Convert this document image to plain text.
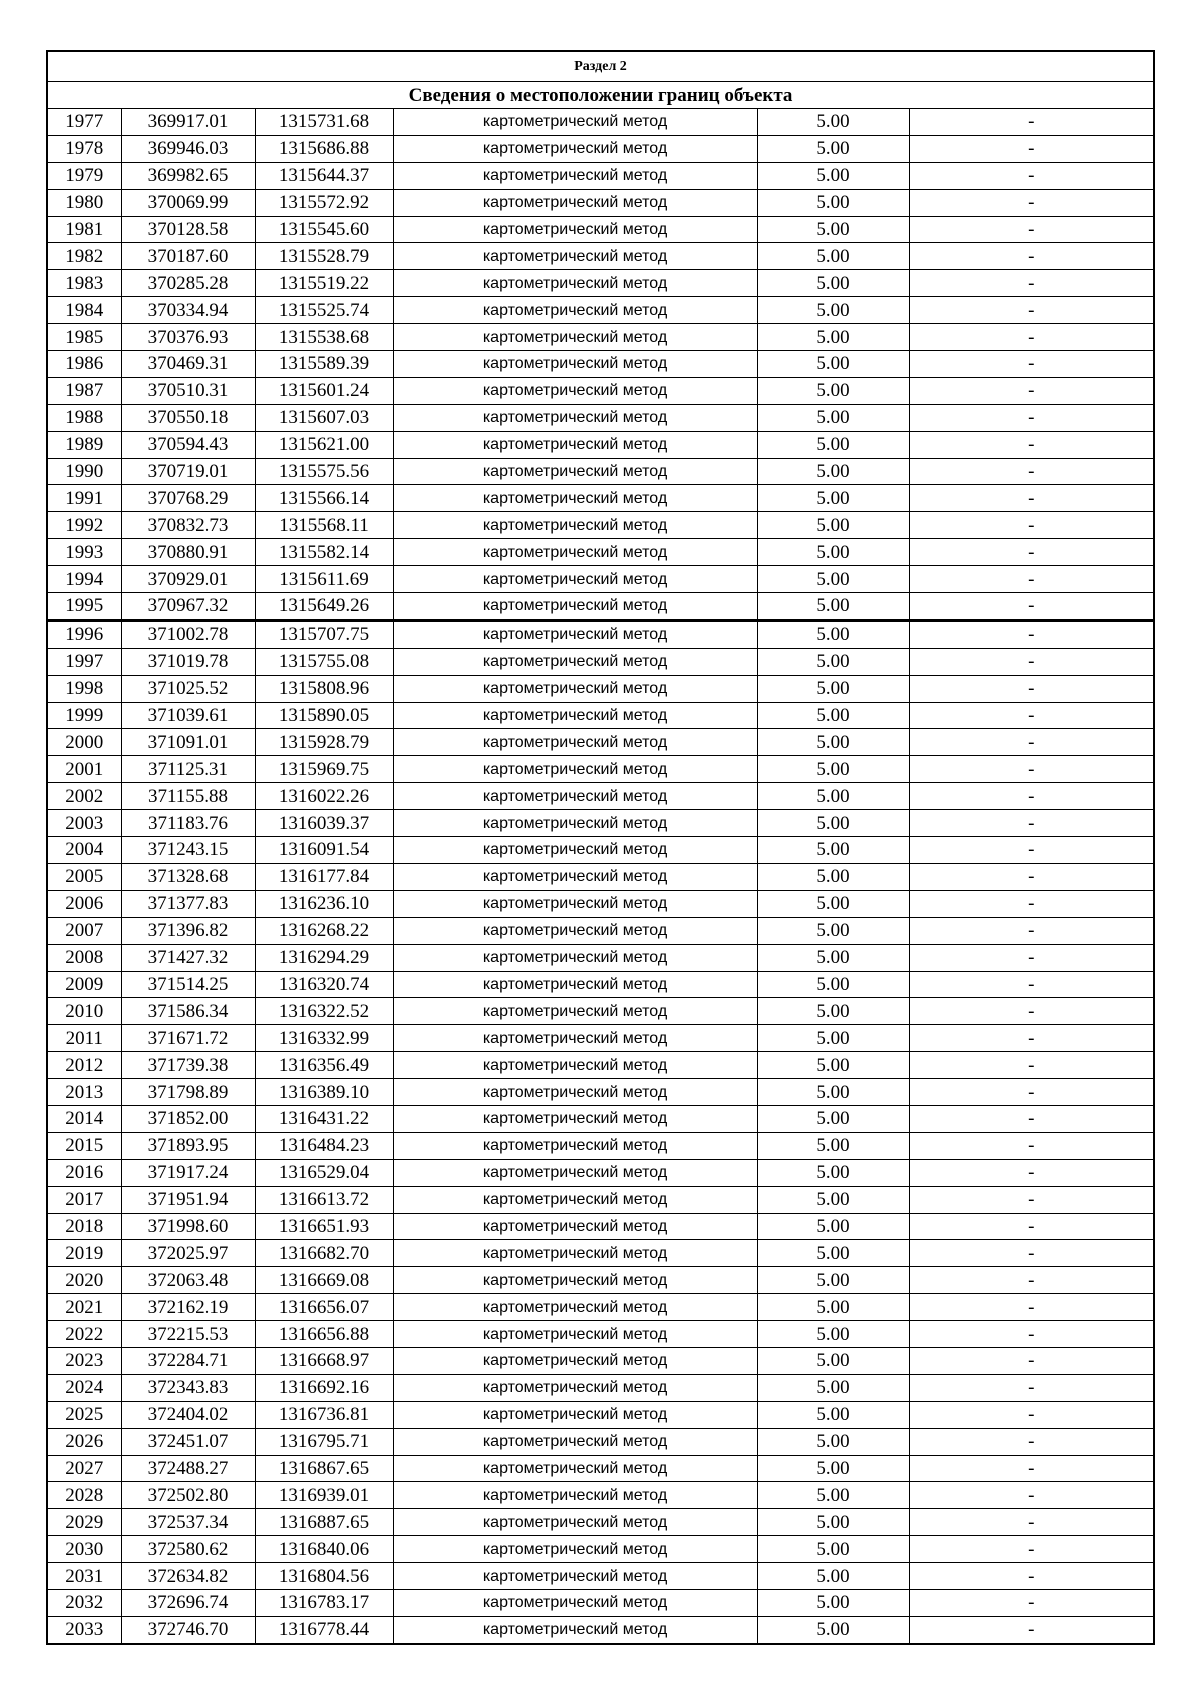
Раздел 2					
Сведения о местоположении границ объекта					
1977	369917.01	1315731.68	картометрический метод	5.00	-
1978	369946.03	1315686.88	картометрический метод	5.00	-
1979	369982.65	1315644.37	картометрический метод	5.00	-
1980	370069.99	1315572.92	картометрический метод	5.00	-
1981	370128.58	1315545.60	картометрический метод	5.00	-
1982	370187.60	1315528.79	картометрический метод	5.00	-
1983	370285.28	1315519.22	картометрический метод	5.00	-
1984	370334.94	1315525.74	картометрический метод	5.00	-
1985	370376.93	1315538.68	картометрический метод	5.00	-
1986	370469.31	1315589.39	картометрический метод	5.00	-
1987	370510.31	1315601.24	картометрический метод	5.00	-
1988	370550.18	1315607.03	картометрический метод	5.00	-
1989	370594.43	1315621.00	картометрический метод	5.00	-
1990	370719.01	1315575.56	картометрический метод	5.00	-
1991	370768.29	1315566.14	картометрический метод	5.00	-
1992	370832.73	1315568.11	картометрический метод	5.00	-
1993	370880.91	1315582.14	картометрический метод	5.00	-
1994	370929.01	1315611.69	картометрический метод	5.00	-
1995	370967.32	1315649.26	картометрический метод	5.00	-
1996	371002.78	1315707.75	картометрический метод	5.00	-
1997	371019.78	1315755.08	картометрический метод	5.00	-
1998	371025.52	1315808.96	картометрический метод	5.00	-
1999	371039.61	1315890.05	картометрический метод	5.00	-
2000	371091.01	1315928.79	картометрический метод	5.00	-
2001	371125.31	1315969.75	картометрический метод	5.00	-
2002	371155.88	1316022.26	картометрический метод	5.00	-
2003	371183.76	1316039.37	картометрический метод	5.00	-
2004	371243.15	1316091.54	картометрический метод	5.00	-
2005	371328.68	1316177.84	картометрический метод	5.00	-
2006	371377.83	1316236.10	картометрический метод	5.00	-
2007	371396.82	1316268.22	картометрический метод	5.00	-
2008	371427.32	1316294.29	картометрический метод	5.00	-
2009	371514.25	1316320.74	картометрический метод	5.00	-
2010	371586.34	1316322.52	картометрический метод	5.00	-
2011	371671.72	1316332.99	картометрический метод	5.00	-
2012	371739.38	1316356.49	картометрический метод	5.00	-
2013	371798.89	1316389.10	картометрический метод	5.00	-
2014	371852.00	1316431.22	картометрический метод	5.00	-
2015	371893.95	1316484.23	картометрический метод	5.00	-
2016	371917.24	1316529.04	картометрический метод	5.00	-
2017	371951.94	1316613.72	картометрический метод	5.00	-
2018	371998.60	1316651.93	картометрический метод	5.00	-
2019	372025.97	1316682.70	картометрический метод	5.00	-
2020	372063.48	1316669.08	картометрический метод	5.00	-
2021	372162.19	1316656.07	картометрический метод	5.00	-
2022	372215.53	1316656.88	картометрический метод	5.00	-
2023	372284.71	1316668.97	картометрический метод	5.00	-
2024	372343.83	1316692.16	картометрический метод	5.00	-
2025	372404.02	1316736.81	картометрический метод	5.00	-
2026	372451.07	1316795.71	картометрический метод	5.00	-
2027	372488.27	1316867.65	картометрический метод	5.00	-
2028	372502.80	1316939.01	картометрический метод	5.00	-
2029	372537.34	1316887.65	картометрический метод	5.00	-
2030	372580.62	1316840.06	картометрический метод	5.00	-
2031	372634.82	1316804.56	картометрический метод	5.00	-
2032	372696.74	1316783.17	картометрический метод	5.00	-
2033	372746.70	1316778.44	картометрический метод	5.00	-
